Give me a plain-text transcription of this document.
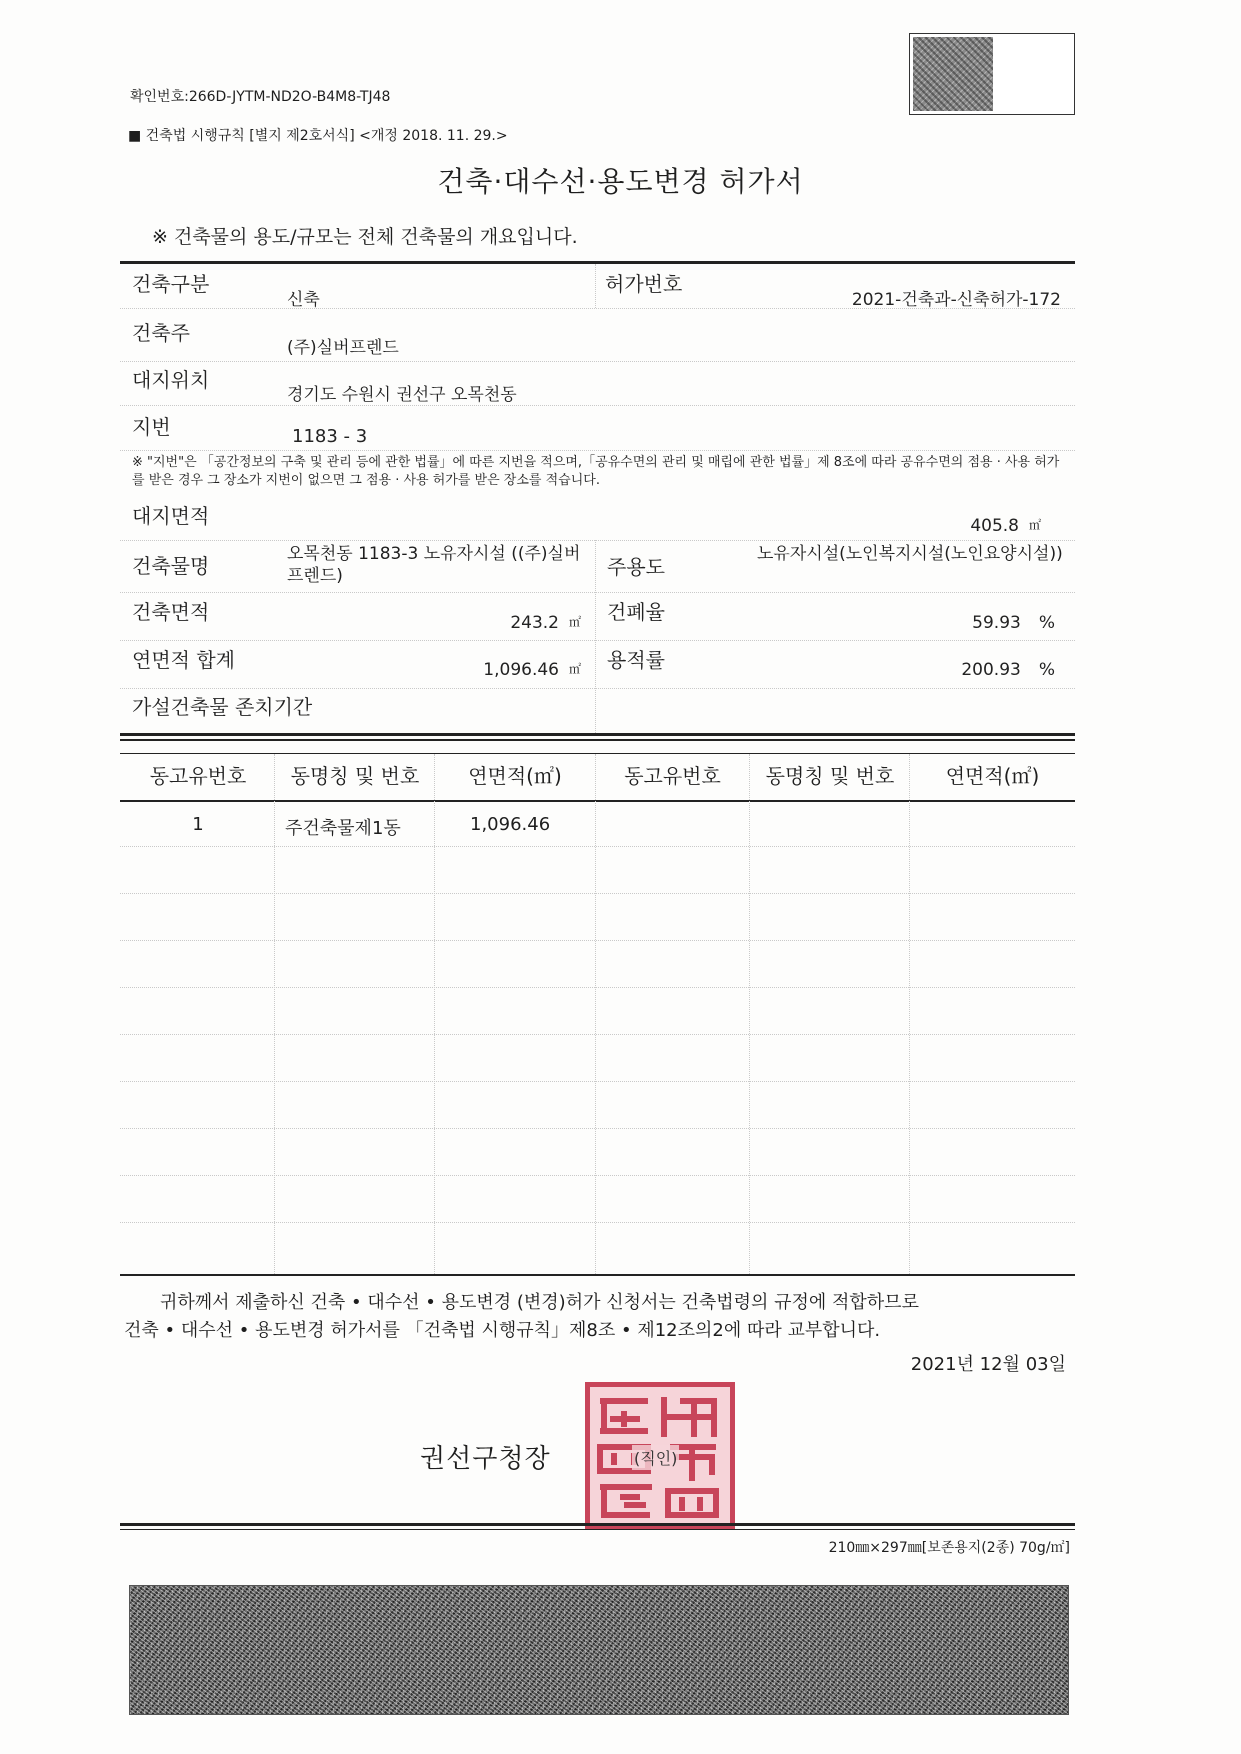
확인번호:266D-JYTM-ND2O-B4M8-TJ48
■ 건축법 시행규칙 [별지 제2호서식] <개정 2018. 11. 29.>
건축·대수선·용도변경 허가서
※ 건축물의 용도/규모는 전체 건축물의 개요입니다.
건축구분
신축
허가번호
2021-건축과-신축허가-172
건축주
(주)실버프렌드
대지위치
경기도 수원시 권선구 오목천동
지번	1183 - 3
※ "지번"은 「공간정보의 구축 및 관리 등에 관한 법률」에 따른 지번을 적으며,「공유수면의 관리 및 매립에 관한 법률」제 8조에 따라 공유수면의 점용 · 사용 허가를 받은 경우 그 장소가 지번이 없으면 그 점용 · 사용 허가를 받은 장소를 적습니다.
대지면적	405.8 ㎡
건축물명	오목천동 1183-3 노유자시설 ((주)실버프렌드)	주용도
노유자시설(노인복지시설(노인요양시설))
건축면적	243.2 ㎡ 건폐율	59.93 %
연면적 합계	1,096.46 ㎡ 용적률	200.93 %
가설건축물 존치기간
동고유번호	동명칭 및 번호	연면적(㎡)	동고유번호	동명칭 및 번호	연면적(㎡)
1	주건축물제1동	1,096.46
귀하께서 제출하신 건축 • 대수선 • 용도변경 (변경)허가 신청서는 건축법령의 규정에 적합하므로
건축 • 대수선 • 용도변경 허가서를 「건축법 시행규칙」제8조 • 제12조의2에 따라 교부합니다.
2021년 12월 03일
권선구청장	(직인)
210㎜×297㎜[보존용지(2종) 70g/㎡]
